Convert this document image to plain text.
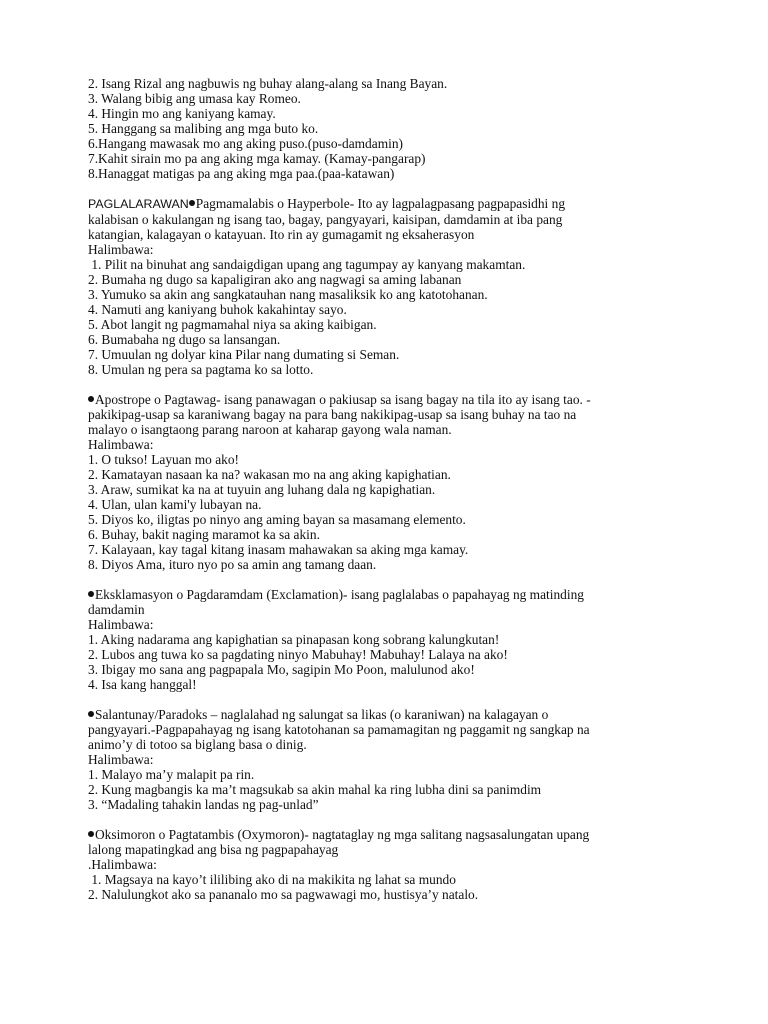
2. Isang Rizal ang nagbuwis ng buhay alang-alang sa Inang Bayan.
3. Walang bibig ang umasa kay Romeo.
4. Hingin mo ang kaniyang kamay.
5. Hanggang sa malibing ang mga buto ko.
6.Hangang mawasak mo ang aking puso.(puso-damdamin)
7.Kahit sirain mo pa ang aking mga kamay. (Kamay-pangarap)
8.Hanaggat matigas pa ang aking mga paa.(paa-katawan)
PAGLALARAWAN Pagmamalabis o Hayperbole- Ito ay lagpalagpasang pagpapasidhi ng
kalabisan o kakulangan ng isang tao, bagay, pangyayari, kaisipan, damdamin at iba pang
katangian, kalagayan o katayuan. Ito rin ay gumagamit ng eksaherasyon
Halimbawa:
1. Pilit na binuhat ang sandaigdigan upang ang tagumpay ay kanyang makamtan.
2. Bumaha ng dugo sa kapaligiran ako ang nagwagi sa aming labanan
3. Yumuko sa akin ang sangkatauhan nang masaliksik ko ang katotohanan.
4. Namuti ang kaniyang buhok kakahintay sayo.
5. Abot langit ng pagmamahal niya sa aking kaibigan.
6. Bumabaha ng dugo sa lansangan.
7. Umuulan ng dolyar kina Pilar nang dumating si Seman.
8. Umulan ng pera sa pagtama ko sa lotto.
Apostrope o Pagtawag- isang panawagan o pakiusap sa isang bagay na tila ito ay isang tao. -
pakikipag-usap sa karaniwang bagay na para bang nakikipag-usap sa isang buhay na tao na
malayo o isangtaong parang naroon at kaharap gayong wala naman.
Halimbawa:
1. O tukso! Layuan mo ako!
2. Kamatayan nasaan ka na? wakasan mo na ang aking kapighatian.
3. Araw, sumikat ka na at tuyuin ang luhang dala ng kapighatian.
4. Ulan, ulan kami'y lubayan na.
5. Diyos ko, iligtas po ninyo ang aming bayan sa masamang elemento.
6. Buhay, bakit naging maramot ka sa akin.
7. Kalayaan, kay tagal kitang inasam mahawakan sa aking mga kamay.
8. Diyos Ama, ituro nyo po sa amin ang tamang daan.
Eksklamasyon o Pagdaramdam (Exclamation)- isang paglalabas o papahayag ng matinding
damdamin
Halimbawa:
1. Aking nadarama ang kapighatian sa pinapasan kong sobrang kalungkutan!
2. Lubos ang tuwa ko sa pagdating ninyo Mabuhay! Mabuhay! Lalaya na ako!
3. Ibigay mo sana ang pagpapala Mo, sagipin Mo Poon, malulunod ako!
4. Isa kang hanggal!
Salantunay/Paradoks – naglalahad ng salungat sa likas (o karaniwan) na kalagayan o
pangyayari.-Pagpapahayag ng isang katotohanan sa pamamagitan ng paggamit ng sangkap na
animo’y di totoo sa biglang basa o dinig.
Halimbawa:
1. Malayo ma’y malapit pa rin.
2. Kung magbangis ka ma’t magsukab sa akin mahal ka ring lubha dini sa panimdim
3. “Madaling tahakin landas ng pag-unlad”
Oksimoron o Pagtatambis (Oxymoron)- nagtataglay ng mga salitang nagsasalungatan upang
lalong mapatingkad ang bisa ng pagpapahayag
.Halimbawa:
1. Magsaya na kayo’t ililibing ako di na makikita ng lahat sa mundo
2. Nalulungkot ako sa pananalo mo sa pagwawagi mo, hustisya’y natalo.
